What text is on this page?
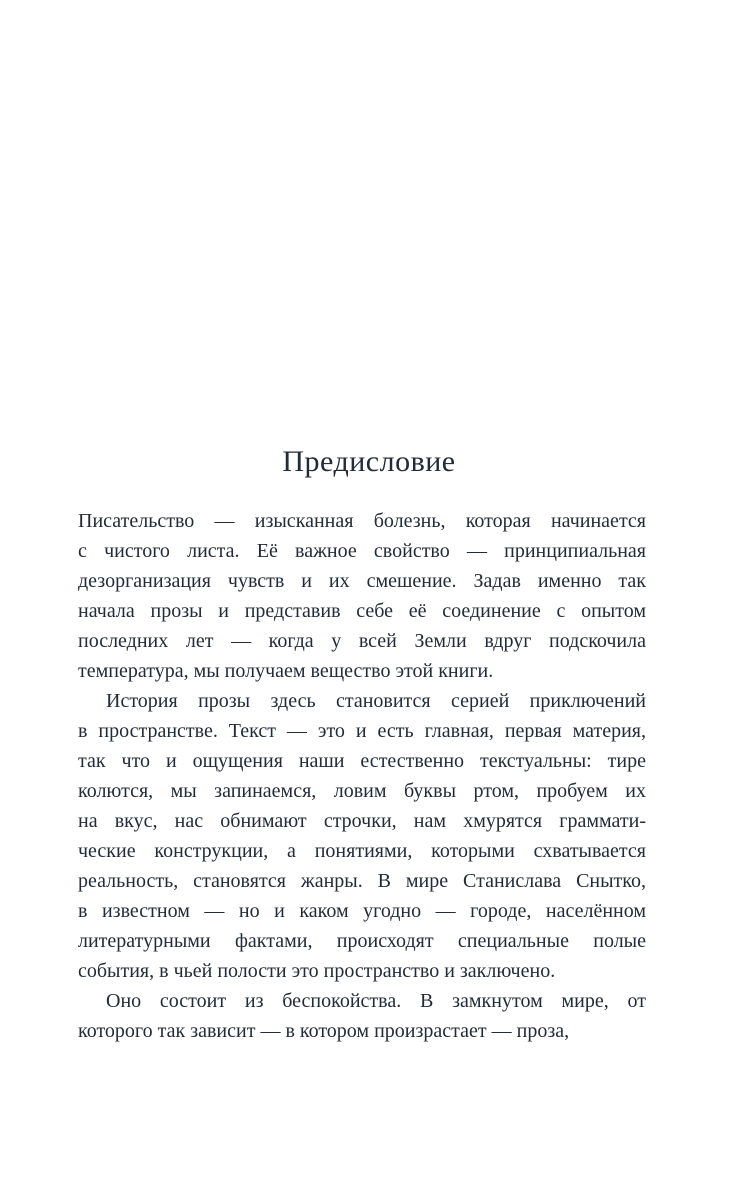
Предисловие
Писательство — изысканная болезнь, которая начинается
с чистого листа. Её важное свойство — принципиальная
дезорганизация чувств и их смешение. Задав именно так
начала прозы и представив себе её соединение с опытом
последних лет — когда у всей Земли вдруг подскочила
температура, мы получаем вещество этой книги.
История прозы здесь становится серией приключений
в пространстве. Текст — это и есть главная, первая материя,
так что и ощущения наши естественно текстуальны: тире
колются, мы запинаемся, ловим буквы ртом, пробуем их
на вкус, нас обнимают строчки, нам хмурятся граммати-
ческие конструкции, а понятиями, которыми схватывается
реальность, становятся жанры. В мире Станислава Снытко,
в известном — но и каком угодно — городе, населённом
литературными фактами, происходят специальные полые
события, в чьей полости это пространство и заключено.
Оно состоит из беспокойства. В замкнутом мире, от
которого так зависит — в котором произрастает — проза,
